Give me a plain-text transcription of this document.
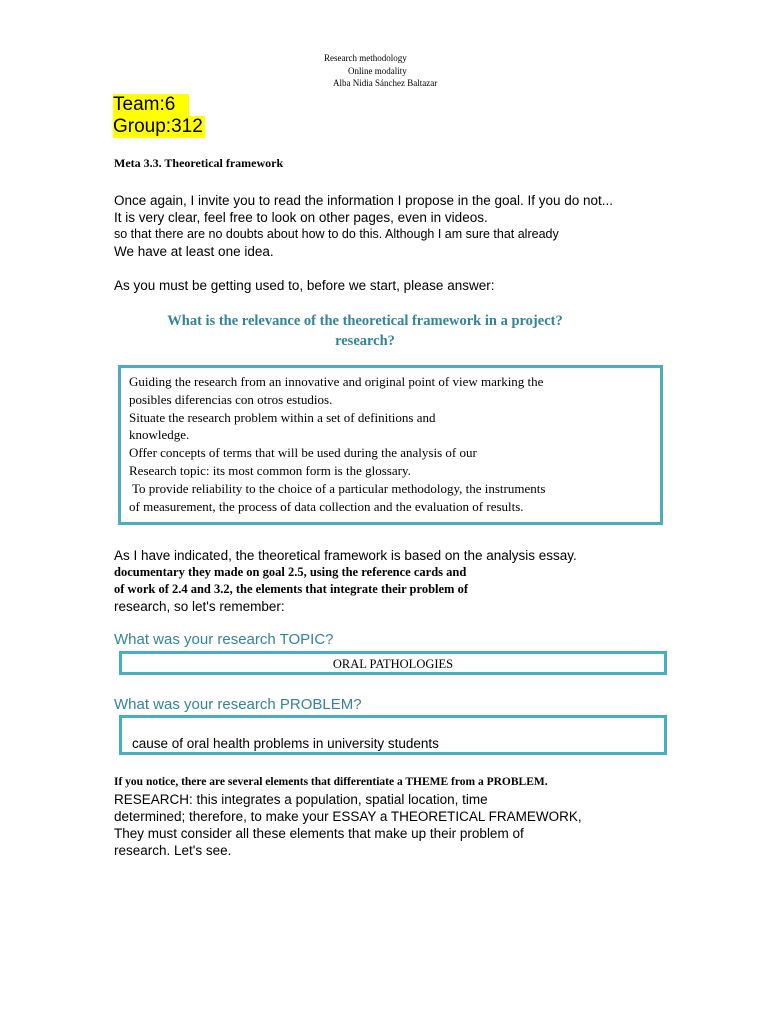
Research methodology
Online modality
Alba Nidia Sánchez Baltazar
Team:6
Group:312
Meta 3.3. Theoretical framework
Once again, I invite you to read the information I propose in the goal. If you do not...
It is very clear, feel free to look on other pages, even in videos.
so that there are no doubts about how to do this. Although I am sure that already
We have at least one idea.
As you must be getting used to, before we start, please answer:
What is the relevance of the theoretical framework in a project?
research?
Guiding the research from an innovative and original point of view marking the
posibles diferencias con otros estudios.
Situate the research problem within a set of definitions and
knowledge.
Offer concepts of terms that will be used during the analysis of our
Research topic: its most common form is the glossary.
To provide reliability to the choice of a particular methodology, the instruments
of measurement, the process of data collection and the evaluation of results.
As I have indicated, the theoretical framework is based on the analysis essay.
documentary they made on goal 2.5, using the reference cards and
of work of 2.4 and 3.2, the elements that integrate their problem of
research, so let's remember:
What was your research TOPIC?
ORAL PATHOLOGIES
What was your research PROBLEM?
cause of oral health problems in university students
If you notice, there are several elements that differentiate a THEME from a PROBLEM.
RESEARCH: this integrates a population, spatial location, time
determined; therefore, to make your ESSAY a THEORETICAL FRAMEWORK,
They must consider all these elements that make up their problem of
research. Let's see.
